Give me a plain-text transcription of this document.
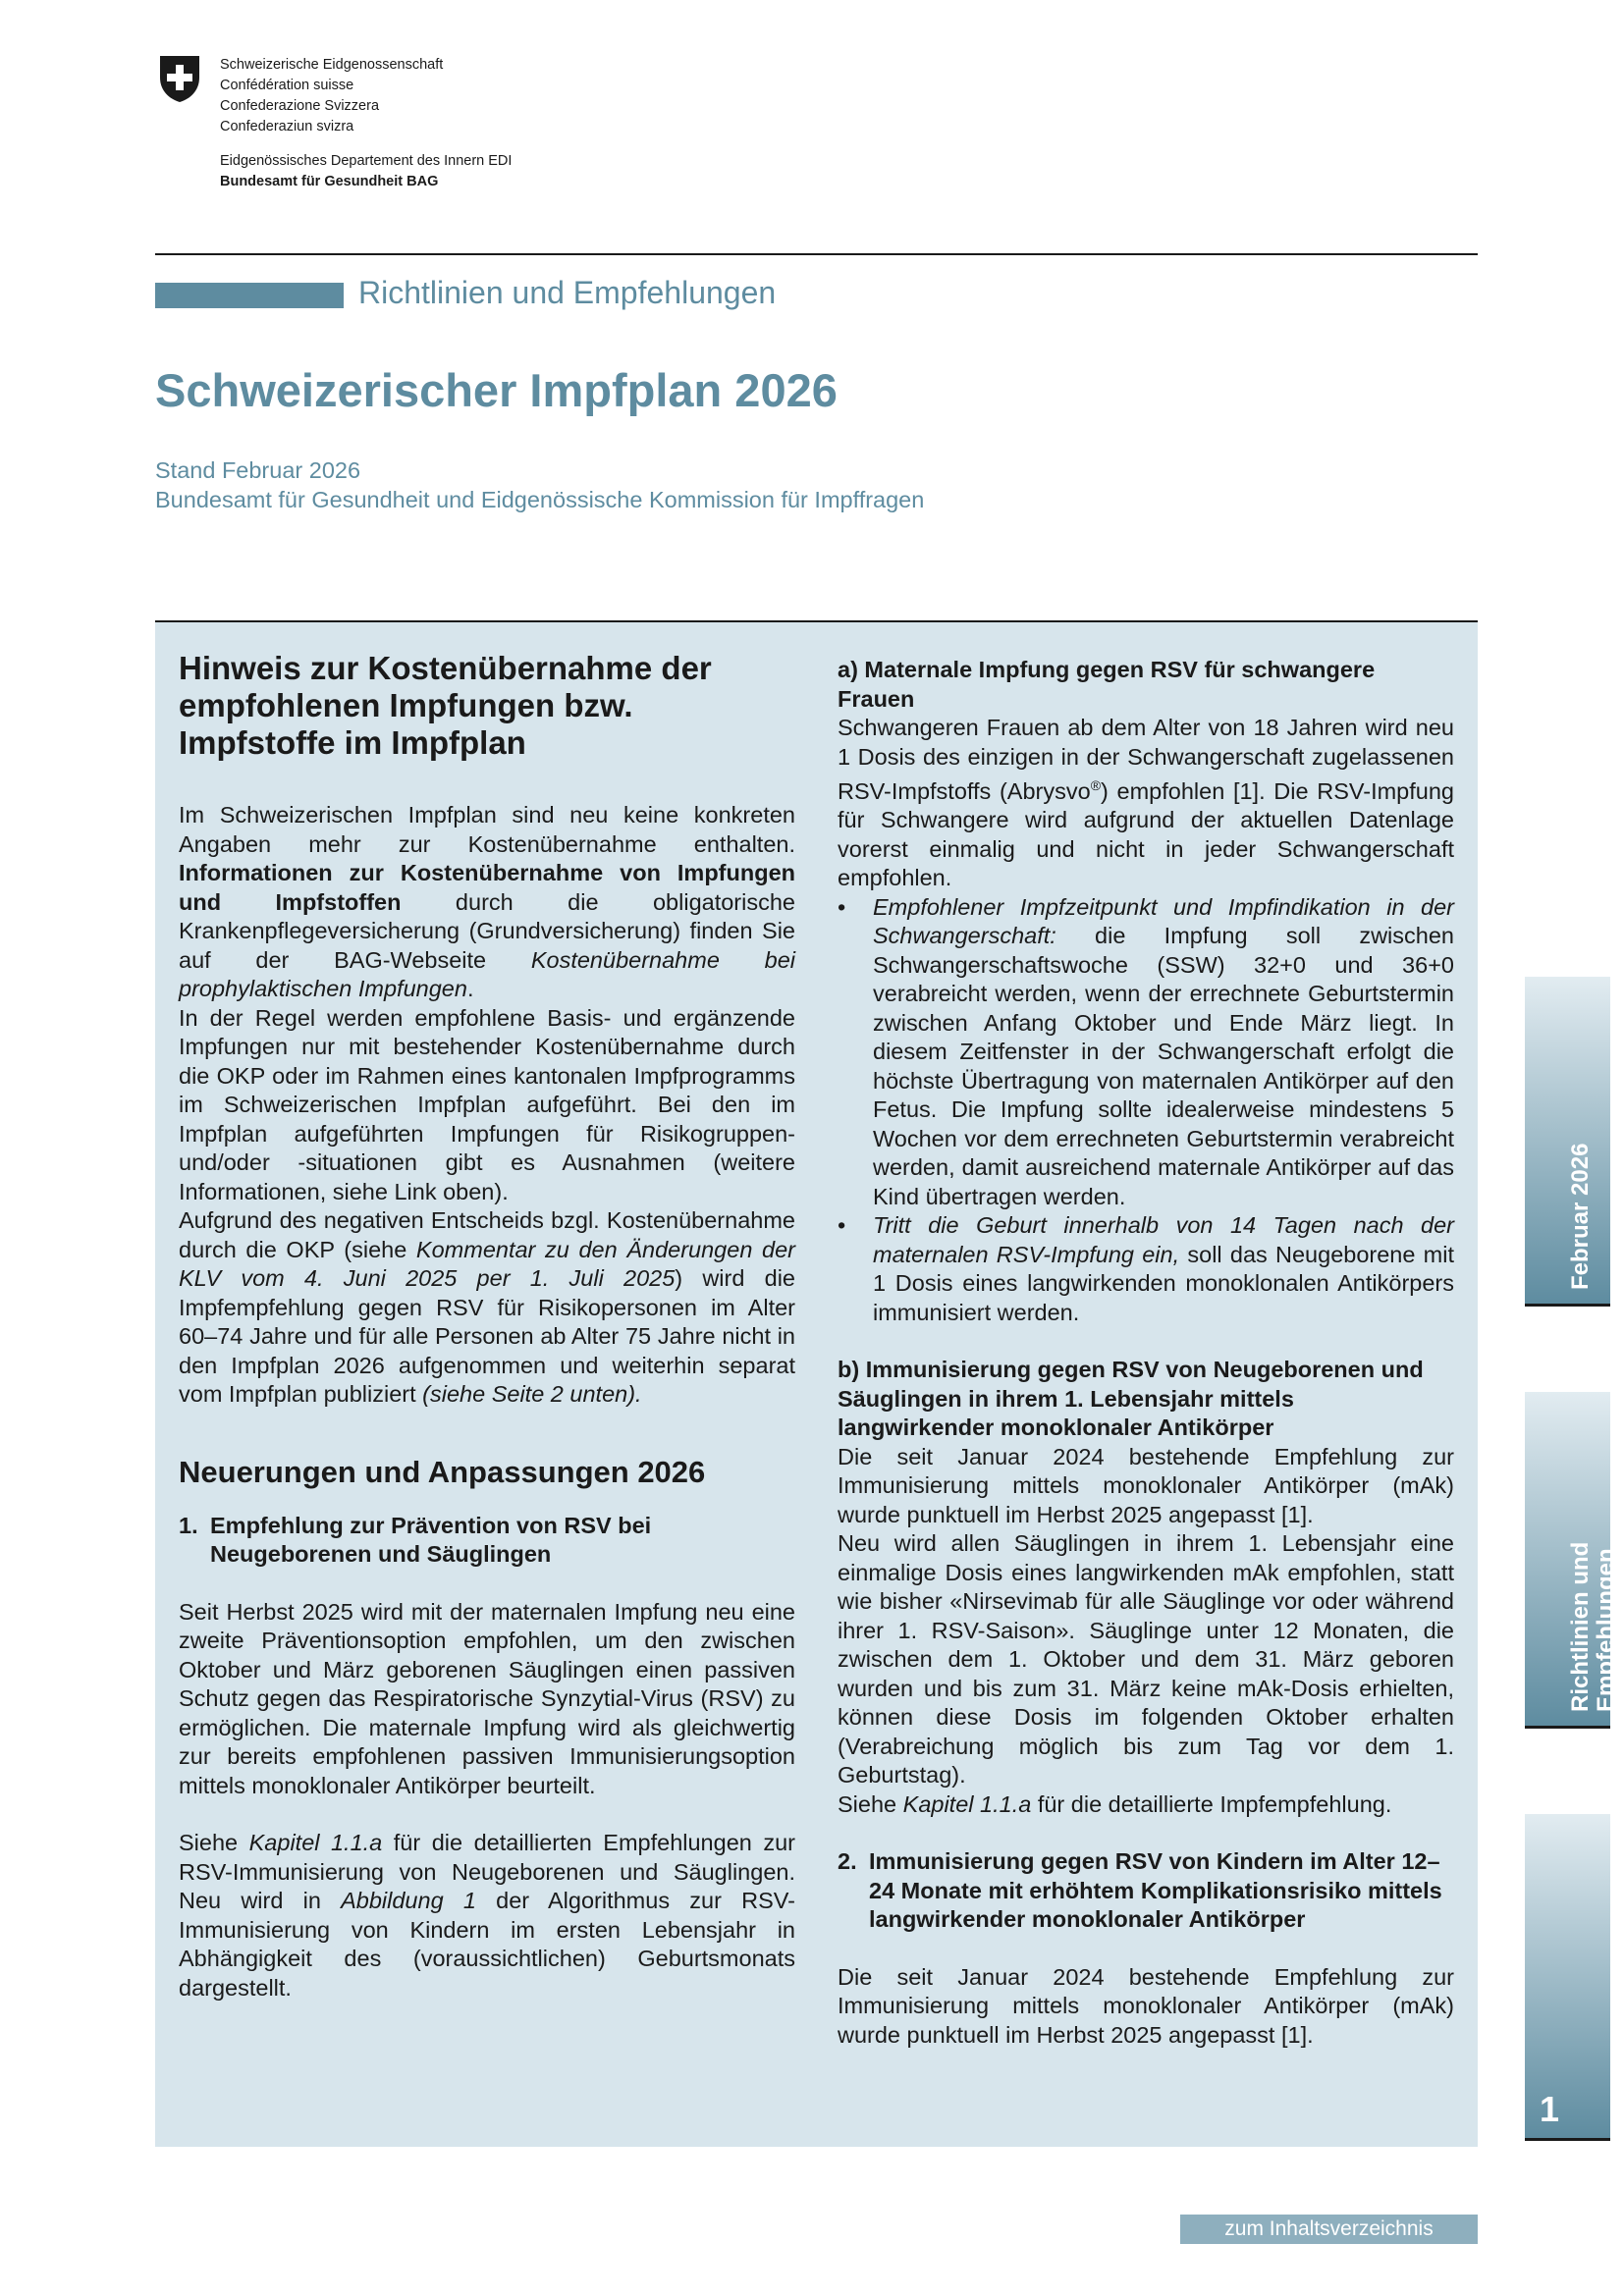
Schweizerische Eidgenossenschaft
Confédération suisse
Confederazione Svizzera
Confederaziun svizra
Eidgenössisches Departement des Innern EDI
Bundesamt für Gesundheit BAG
Richtlinien und Empfehlungen
Schweizerischer Impfplan 2026
Stand Februar 2026
Bundesamt für Gesundheit und Eidgenössische Kommission für Impffragen

Hinweis zur Kostenübernahme der empfohlenen Impfungen bzw. Impfstoffe im Impfplan

Im Schweizerischen Impfplan sind neu keine konkreten Angaben mehr zur Kostenübernahme enthalten. Informationen zur Kostenübernahme von Impfungen und Impfstoffen durch die obligatorische Krankenpflegeversicherung (Grundversicherung) finden Sie auf der BAG-Webseite Kostenübernahme bei prophylaktischen Impfungen.

In der Regel werden empfohlene Basis- und ergänzende Impfungen nur mit bestehender Kostenübernahme durch die OKP oder im Rahmen eines kantonalen Impfprogramms im Schweizerischen Impfplan aufgeführt. Bei den im Impfplan aufgeführten Impfungen für Risikogruppen- und/oder -situationen gibt es Ausnahmen (weitere Informationen, siehe Link oben).

Aufgrund des negativen Entscheids bzgl. Kostenübernahme durch die OKP (siehe Kommentar zu den Änderungen der KLV vom 4. Juni 2025 per 1. Juli 2025) wird die Impfempfehlung gegen RSV für Risikopersonen im Alter 60–74 Jahre und für alle Personen ab Alter 75 Jahre nicht in den Impfplan 2026 aufgenommen und weiterhin separat vom Impfplan publiziert (siehe Seite 2 unten).

Neuerungen und Anpassungen 2026

1. Empfehlung zur Prävention von RSV bei Neugeborenen und Säuglingen

Seit Herbst 2025 wird mit der maternalen Impfung neu eine zweite Präventionsoption empfohlen, um den zwischen Oktober und März geborenen Säuglingen einen passiven Schutz gegen das Respiratorische Synzytial-Virus (RSV) zu ermöglichen. Die maternale Impfung wird als gleichwertig zur bereits empfohlenen passiven Immunisierungsoption mittels monoklonaler Antikörper beurteilt.

Siehe Kapitel 1.1.a für die detaillierten Empfehlungen zur RSV-Immunisierung von Neugeborenen und Säuglingen. Neu wird in Abbildung 1 der Algorithmus zur RSV-Immunisierung von Kindern im ersten Lebensjahr in Abhängigkeit des (voraussichtlichen) Geburtsmonats dargestellt.

a) Maternale Impfung gegen RSV für schwangere Frauen

Schwangeren Frauen ab dem Alter von 18 Jahren wird neu 1 Dosis des einzigen in der Schwangerschaft zugelassenen RSV-Impfstoffs (Abrysvo®) empfohlen [1]. Die RSV-Impfung für Schwangere wird aufgrund der aktuellen Datenlage vorerst einmalig und nicht in jeder Schwangerschaft empfohlen.

•	Empfohlener Impfzeitpunkt und Impfindikation in der Schwangerschaft: die Impfung soll zwischen Schwangerschaftswoche (SSW) 32+0 und 36+0 verabreicht werden, wenn der errechnete Geburtstermin zwischen Anfang Oktober und Ende März liegt. In diesem Zeitfenster in der Schwangerschaft erfolgt die höchste Übertragung von maternalen Antikörper auf den Fetus. Die Impfung sollte idealerweise mindestens 5 Wochen vor dem errechneten Geburtstermin verabreicht werden, damit ausreichend maternale Antikörper auf das Kind übertragen werden.
•	Tritt die Geburt innerhalb von 14 Tagen nach der maternalen RSV-Impfung ein, soll das Neugeborene mit 1 Dosis eines langwirkenden monoklonalen Antikörpers immunisiert werden.

b) Immunisierung gegen RSV von Neugeborenen und Säuglingen in ihrem 1. Lebensjahr mittels langwirkender monoklonaler Antikörper

Die seit Januar 2024 bestehende Empfehlung zur Immunisierung mittels monoklonaler Antikörper (mAk) wurde punktuell im Herbst 2025 angepasst [1].

Neu wird allen Säuglingen in ihrem 1. Lebensjahr eine einmalige Dosis eines langwirkenden mAk empfohlen, statt wie bisher «Nirsevimab für alle Säuglinge vor oder während ihrer 1. RSV-Saison». Säuglinge unter 12 Monaten, die zwischen dem 1. Oktober und dem 31. März geboren wurden und bis zum 31. März keine mAk-Dosis erhielten, können diese Dosis im folgenden Oktober erhalten (Verabreichung möglich bis zum Tag vor dem 1. Geburtstag).

Siehe Kapitel 1.1.a für die detaillierte Impfempfehlung.

2. Immunisierung gegen RSV von Kindern im Alter 12–24 Monate mit erhöhtem Komplikationsrisiko mittels langwirkender monoklonaler Antikörper

Die seit Januar 2024 bestehende Empfehlung zur Immunisierung mittels monoklonaler Antikörper (mAk) wurde punktuell im Herbst 2025 angepasst [1].

Februar 2026
Richtlinien und Empfehlungen
1
zum Inhaltsverzeichnis
